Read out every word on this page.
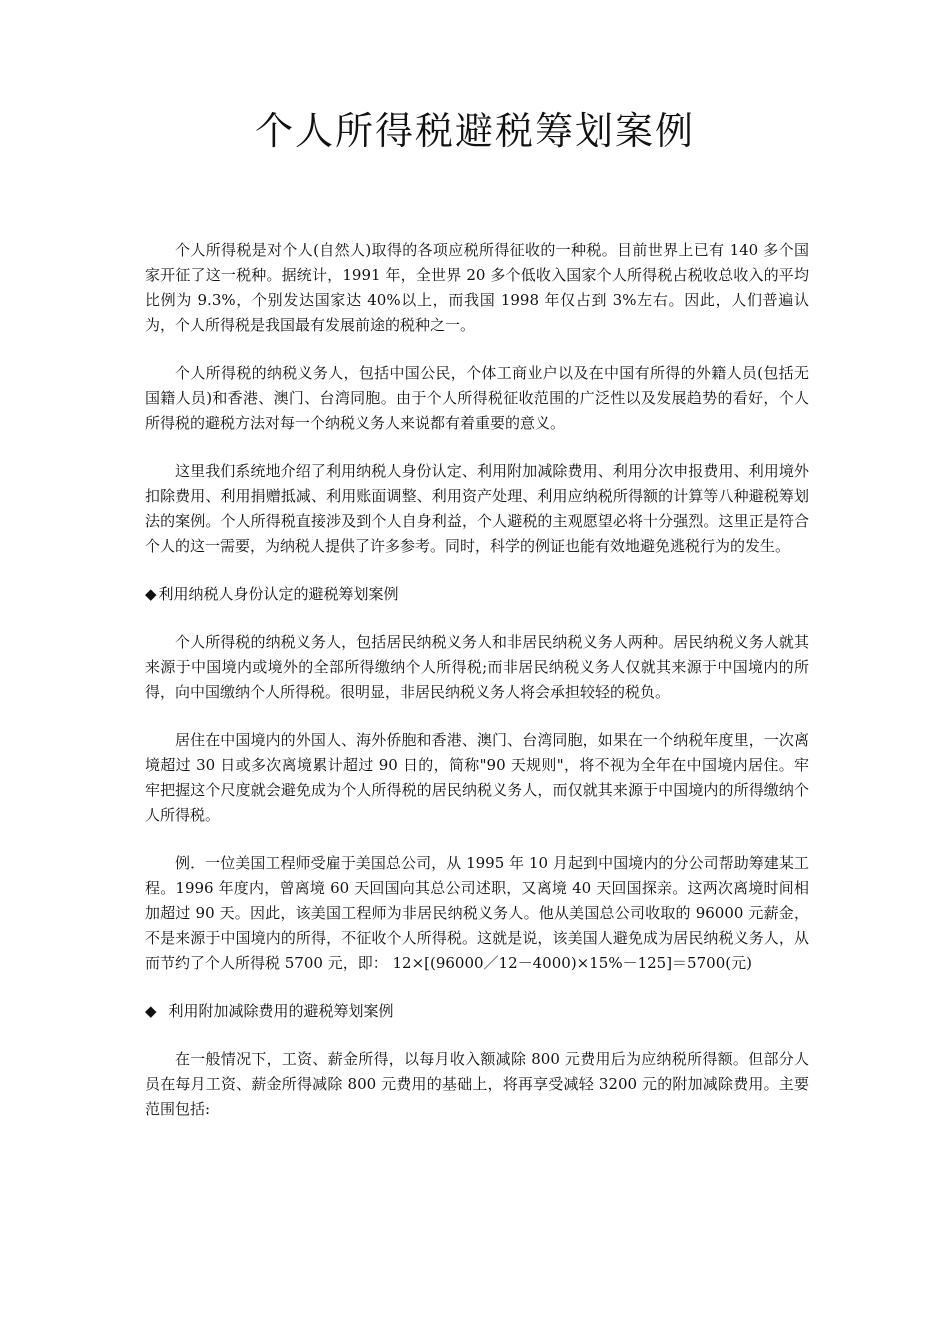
个人所得税避税筹划案例

个人所得税是对个人(自然人)取得的各项应税所得征收的一种税。目前世界上已有 140 多个国家开征了这一税种。据统计，1991 年，全世界 20 多个低收入国家个人所得税占税收总收入的平均比例为 9.3%，个别发达国家达 40%以上，而我国 1998 年仅占到 3%左右。因此，人们普遍认为，个人所得税是我国最有发展前途的税种之一。

个人所得税的纳税义务人，包括中国公民，个体工商业户以及在中国有所得的外籍人员(包括无国籍人员)和香港、澳门、台湾同胞。由于个人所得税征收范围的广泛性以及发展趋势的看好，个人所得税的避税方法对每一个纳税义务人来说都有着重要的意义。

这里我们系统地介绍了利用纳税人身份认定、利用附加减除费用、利用分次申报费用、利用境外扣除费用、利用捐赠抵减、利用账面调整、利用资产处理、利用应纳税所得额的计算等八种避税筹划法的案例。个人所得税直接涉及到个人自身利益，个人避税的主观愿望必将十分强烈。这里正是符合个人的这一需要，为纳税人提供了许多参考。同时，科学的例证也能有效地避免逃税行为的发生。

◆ 利用纳税人身份认定的避税筹划案例

个人所得税的纳税义务人，包括居民纳税义务人和非居民纳税义务人两种。居民纳税义务人就其来源于中国境内或境外的全部所得缴纳个人所得税;而非居民纳税义务人仅就其来源于中国境内的所得，向中国缴纳个人所得税。很明显，非居民纳税义务人将会承担较轻的税负。

居住在中国境内的外国人、海外侨胞和香港、澳门、台湾同胞，如果在一个纳税年度里，一次离境超过 30 日或多次离境累计超过 90 日的，简称"90 天规则"，将不视为全年在中国境内居住。牢牢把握这个尺度就会避免成为个人所得税的居民纳税义务人，而仅就其来源于中国境内的所得缴纳个人所得税。

例．一位美国工程师受雇于美国总公司，从 1995 年 10 月起到中国境内的分公司帮助筹建某工程。1996 年度内，曾离境 60 天回国向其总公司述职，又离境 40 天回国探亲。这两次离境时间相加超过 90 天。因此，该美国工程师为非居民纳税义务人。他从美国总公司收取的 96000 元薪金，不是来源于中国境内的所得，不征收个人所得税。这就是说，该美国人避免成为居民纳税义务人，从而节约了个人所得税 5700 元，即： 12×[(96000／12－4000)×15%－125]＝5700(元)

◆ 利用附加减除费用的避税筹划案例

在一般情况下，工资、薪金所得，以每月收入额减除 800 元费用后为应纳税所得额。但部分人员在每月工资、薪金所得减除 800 元费用的基础上，将再享受减轻 3200 元的附加减除费用。主要范围包括:
